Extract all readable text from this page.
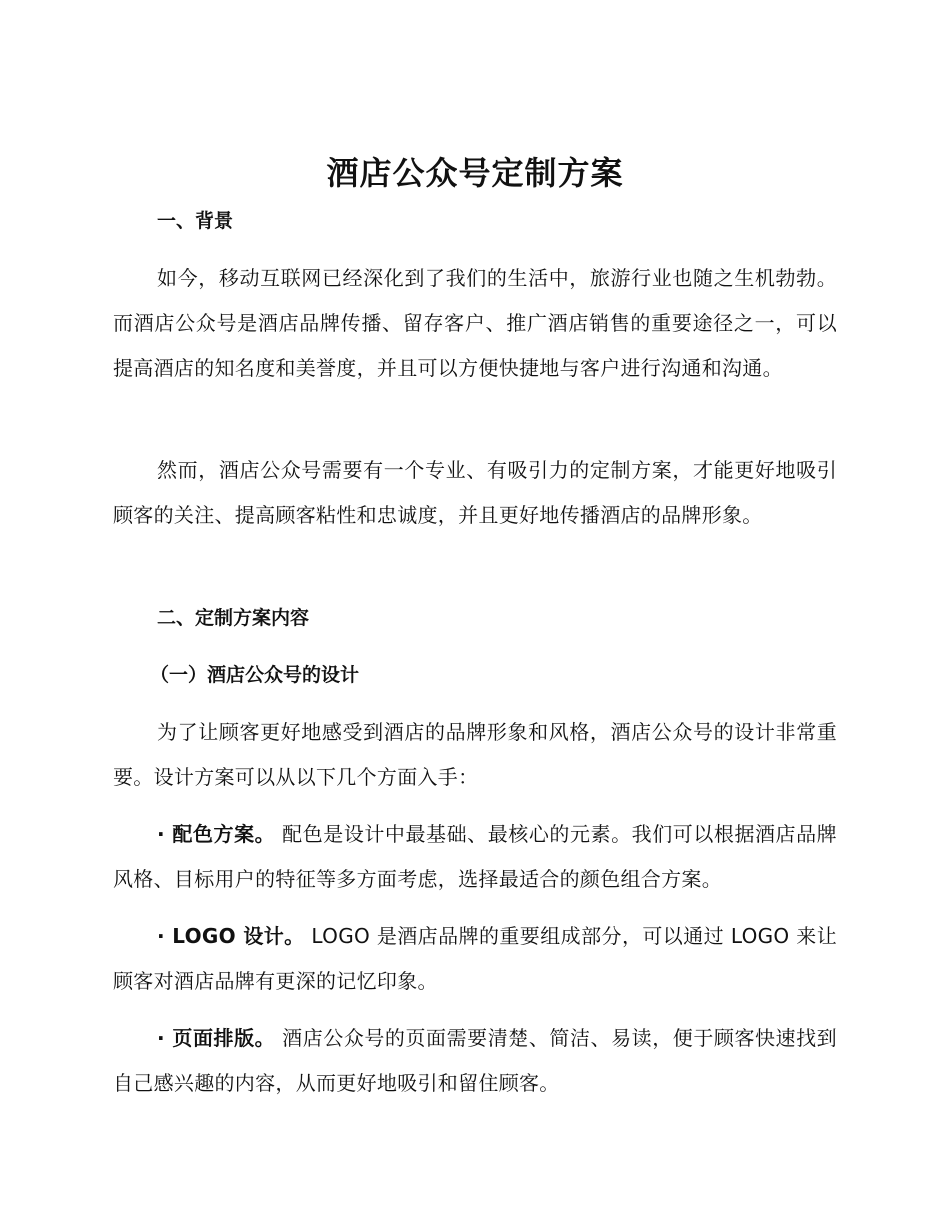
酒店公众号定制方案
一、背景

如今，移动互联网已经深化到了我们的生活中，旅游行业也随之生机勃勃。而酒店公众号是酒店品牌传播、留存客户、推广酒店销售的重要途径之一，可以提高酒店的知名度和美誉度，并且可以方便快捷地与客户进行沟通和沟通。

然而，酒店公众号需要有一个专业、有吸引力的定制方案，才能更好地吸引顾客的关注、提高顾客粘性和忠诚度，并且更好地传播酒店的品牌形象。

二、定制方案内容
（一）酒店公众号的设计

为了让顾客更好地感受到酒店的品牌形象和风格，酒店公众号的设计非常重要。设计方案可以从以下几个方面入手：

· 配色方案。 配色是设计中最基础、最核心的元素。我们可以根据酒店品牌风格、目标用户的特征等多方面考虑，选择最适合的颜色组合方案。

· LOGO 设计。 LOGO 是酒店品牌的重要组成部分，可以通过 LOGO 来让顾客对酒店品牌有更深的记忆印象。

· 页面排版。 酒店公众号的页面需要清楚、简洁、易读，便于顾客快速找到自己感兴趣的内容，从而更好地吸引和留住顾客。
